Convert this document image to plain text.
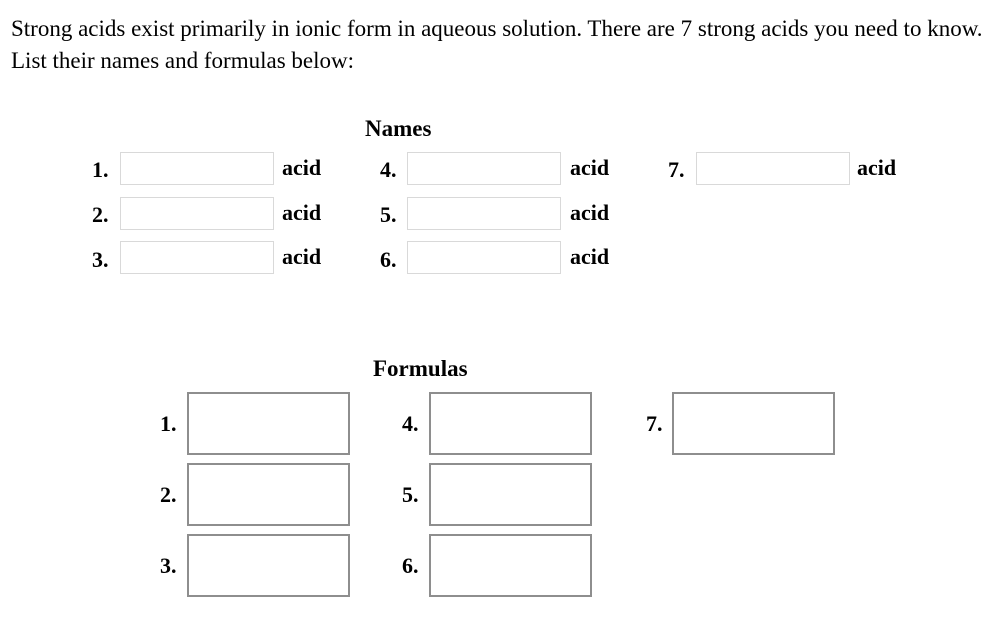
Strong acids exist primarily in ionic form in aqueous solution. There are 7 strong acids you need to know. List their names and formulas below:

Names
1.	acid
2.	acid
3.	acid
4.	acid
5.	acid
6.	acid
7.	acid
Formulas
1.
2.
3.
4.
5.
6.
7.
